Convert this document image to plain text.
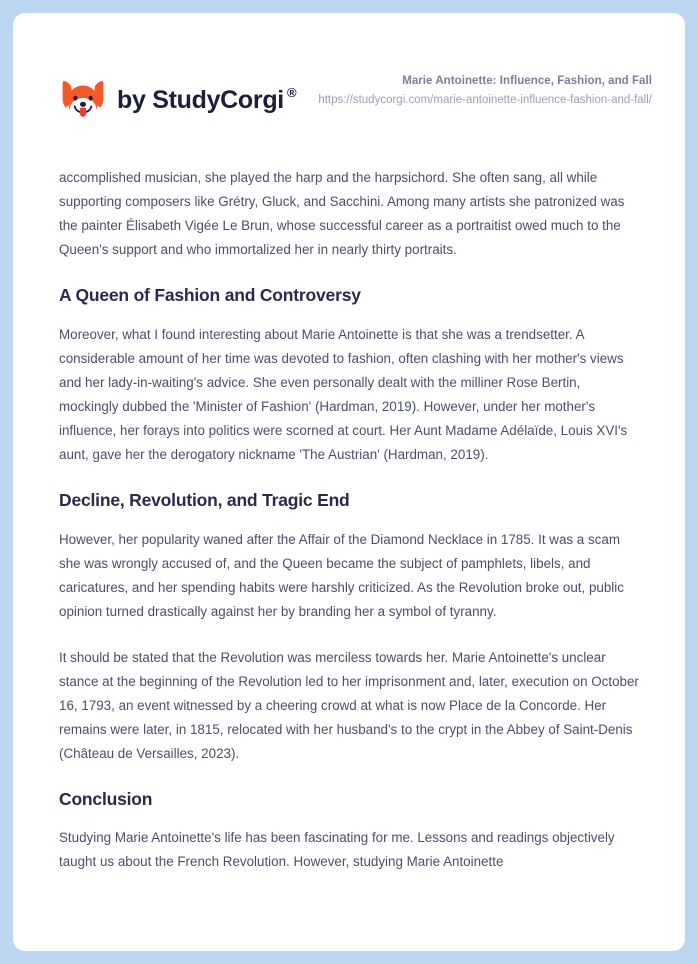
by StudyCorgi ®
Marie Antoinette: Influence, Fashion, and Fall
https://studycorgi.com/marie-antoinette-influence-fashion-and-fall/

accomplished musician, she played the harp and the harpsichord. She often sang, all while supporting composers like Grétry, Gluck, and Sacchini. Among many artists she patronized was the painter Élisabeth Vigée Le Brun, whose successful career as a portraitist owed much to the Queen's support and who immortalized her in nearly thirty portraits.

A Queen of Fashion and Controversy

Moreover, what I found interesting about Marie Antoinette is that she was a trendsetter. A considerable amount of her time was devoted to fashion, often clashing with her mother's views and her lady-in-waiting's advice. She even personally dealt with the milliner Rose Bertin, mockingly dubbed the 'Minister of Fashion' (Hardman, 2019). However, under her mother's influence, her forays into politics were scorned at court. Her Aunt Madame Adélaïde, Louis XVI's aunt, gave her the derogatory nickname 'The Austrian' (Hardman, 2019).

Decline, Revolution, and Tragic End

However, her popularity waned after the Affair of the Diamond Necklace in 1785. It was a scam she was wrongly accused of, and the Queen became the subject of pamphlets, libels, and caricatures, and her spending habits were harshly criticized. As the Revolution broke out, public opinion turned drastically against her by branding her a symbol of tyranny.

It should be stated that the Revolution was merciless towards her. Marie Antoinette's unclear stance at the beginning of the Revolution led to her imprisonment and, later, execution on October 16, 1793, an event witnessed by a cheering crowd at what is now Place de la Concorde. Her remains were later, in 1815, relocated with her husband's to the crypt in the Abbey of Saint-Denis (Château de Versailles, 2023).

Conclusion

Studying Marie Antoinette's life has been fascinating for me. Lessons and readings objectively taught us about the French Revolution. However, studying Marie Antoinette
